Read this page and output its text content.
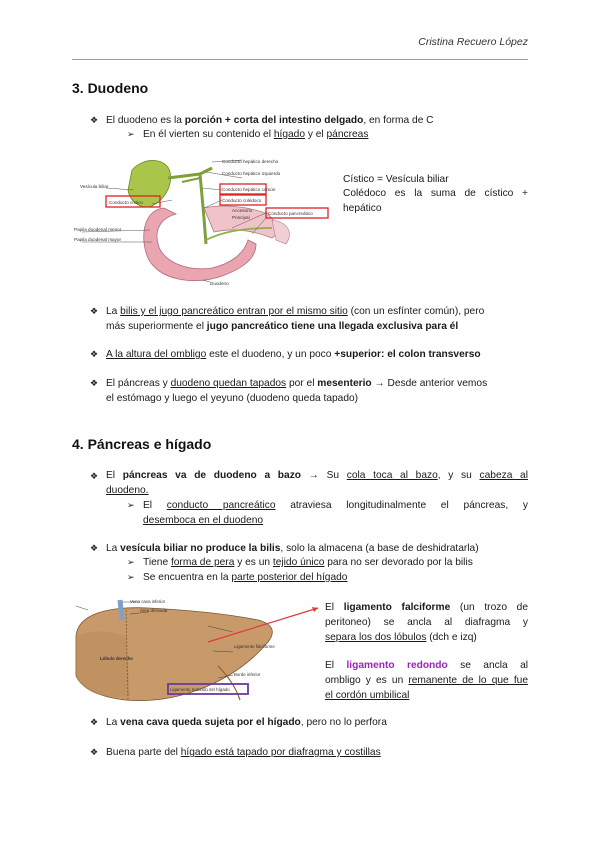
Cristina Recuero López
3. Duodeno
❖ El duodeno es la porción + corta del intestino delgado, en forma de C
➢ En él vierten su contenido el hígado y el páncreas
Conducto hepático derecho
Conducto hepático izquierdo
Vesícula biliar
Conducto cístico
Conducto hepático común
Conducto colédoco
Conducto pancreático
Accesorio
Principal
Papila duodenal menor
Papila duodenal mayor
Duodeno
Cístico = Vesícula biliar
Colédoco es la suma de cístico +
hepático
❖ La bilis y el jugo pancreático entran por el mismo sitio (con un esfínter común), pero
más superiormente el jugo pancreático tiene una llegada exclusiva para él
❖ A la altura del ombligo este el duodeno, y un poco +superior: el colon transverso
❖ El páncreas y duodeno quedan tapados por el mesenterio → Desde anterior vemos
el estómago y luego el yeyuno (duodeno queda tapado)
4. Páncreas e hígado
❖ El páncreas va de duodeno a bazo → Su cola toca al bazo, y su cabeza al
duodeno.
➢ El conducto pancreático atraviesa longitudinalmente el páncreas, y
desemboca en el duodeno
❖ La vesícula biliar no produce la bilis, solo la almacena (a base de deshidratarla)
➢ Tiene forma de pera y es un tejido único para no ser devorado por la bilis
➢ Se encuentra en la parte posterior del hígado
Vena cava inferior
Área desnuda
Lóbulo derecho
Ligamento falciforme
Borde inferior
Ligamento redondo del hígado
El ligamento falciforme (un trozo de
peritoneo) se ancla al diafragma y
separa los dos lóbulos (dch e izq)
El ligamento redondo se ancla al
ombligo y es un remanente de lo que fue
el cordón umbilical
❖ La vena cava queda sujeta por el hígado, pero no lo perfora
❖ Buena parte del hígado está tapado por diafragma y costillas
